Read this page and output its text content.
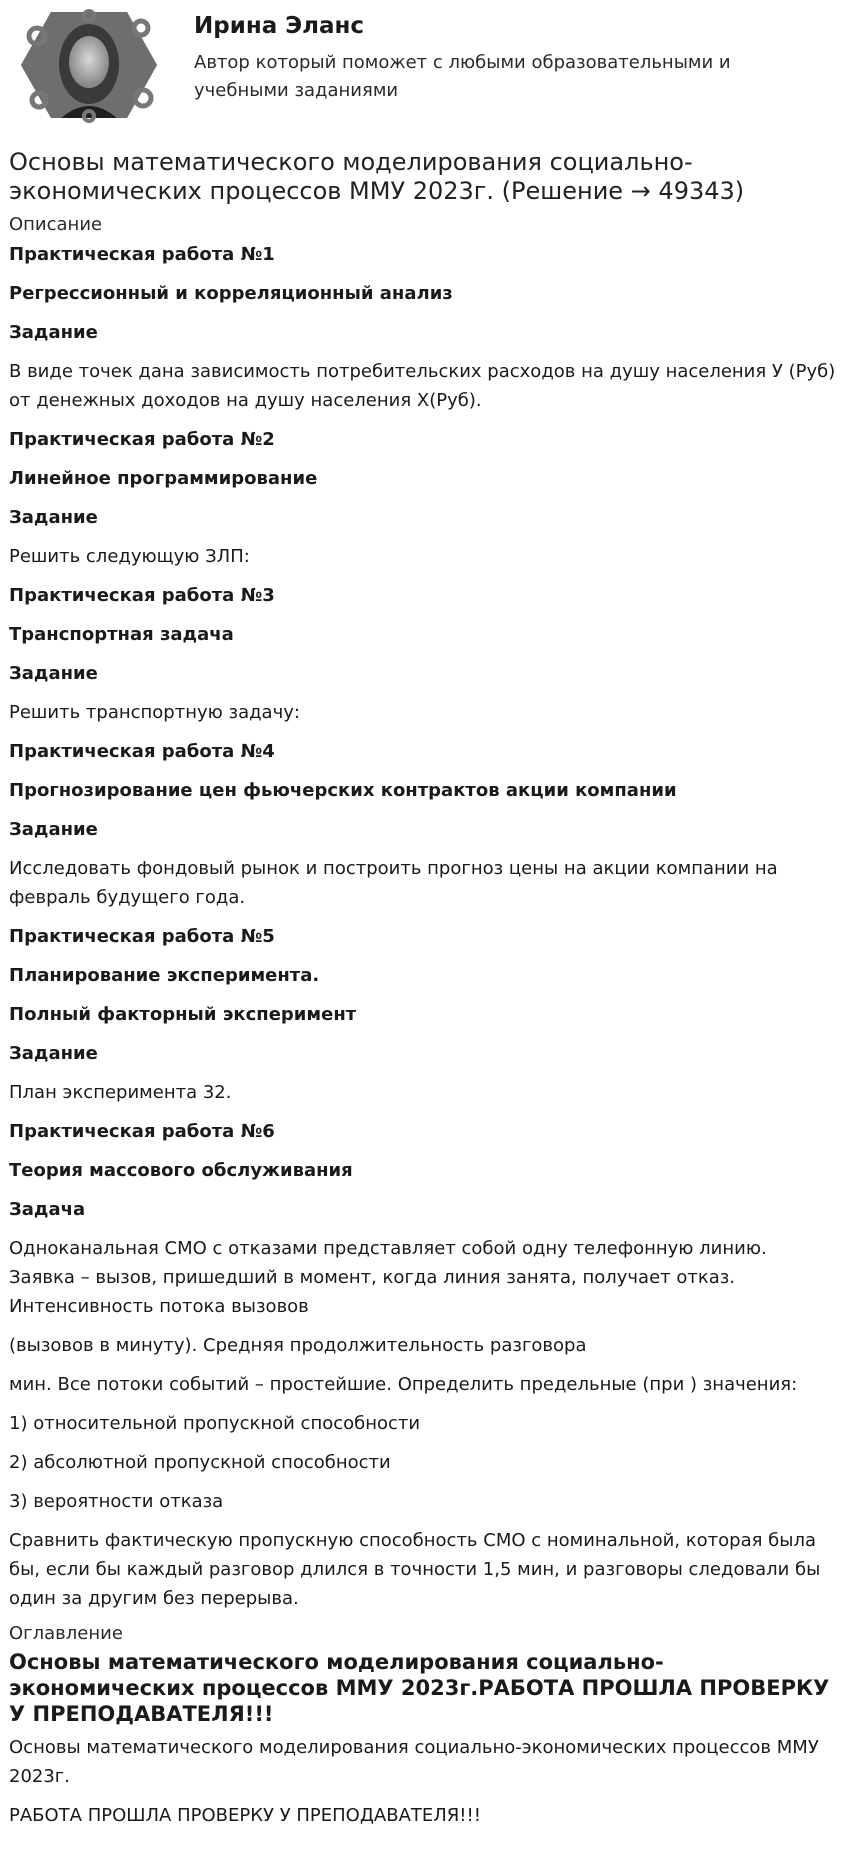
Ирина Эланс

Автор который поможет с любыми образовательными и учебными заданиями

Основы математического моделирования социально-экономических процессов ММУ 2023г. (Решение → 49343)
Описание

Практическая работа №1

Регрессионный и корреляционный анализ

Задание

В виде точек дана зависимость потребительских расходов на душу населения У (Руб) от денежных доходов на душу населения Х(Руб).

Практическая работа №2

Линейное программирование

Задание

Решить следующую ЗЛП:

Практическая работа №3

Транспортная задача

Задание

Решить транспортную задачу:

Практическая работа №4

Прогнозирование цен фьючерских контрактов акции компании

Задание

Исследовать фондовый рынок и построить прогноз цены на акции компании на февраль будущего года.

Практическая работа №5

Планирование эксперимента.

Полный факторный эксперимент

Задание

План эксперимента 32.

Практическая работа №6

Теория массового обслуживания

Задача

Одноканальная СМО с отказами представляет собой одну телефонную линию. Заявка – вызов, пришедший в момент, когда линия занята, получает отказ. Интенсивность потока вызовов

(вызовов в минуту). Средняя продолжительность разговора

мин. Все потоки событий – простейшие. Определить предельные (при ) значения:

1) относительной пропускной способности

2) абсолютной пропускной способности

3) вероятности отказа

Сравнить фактическую пропускную способность СМО с номинальной, которая была бы, если бы каждый разговор длился в точности 1,5 мин, и разговоры следовали бы один за другим без перерыва.

Оглавление
Основы математического моделирования социально-экономических процессов ММУ 2023г.РАБОТА ПРОШЛА ПРОВЕРКУ У ПРЕПОДАВАТЕЛЯ!!!

Основы математического моделирования социально-экономических процессов ММУ 2023г.

РАБОТА ПРОШЛА ПРОВЕРКУ У ПРЕПОДАВАТЕЛЯ!!!
